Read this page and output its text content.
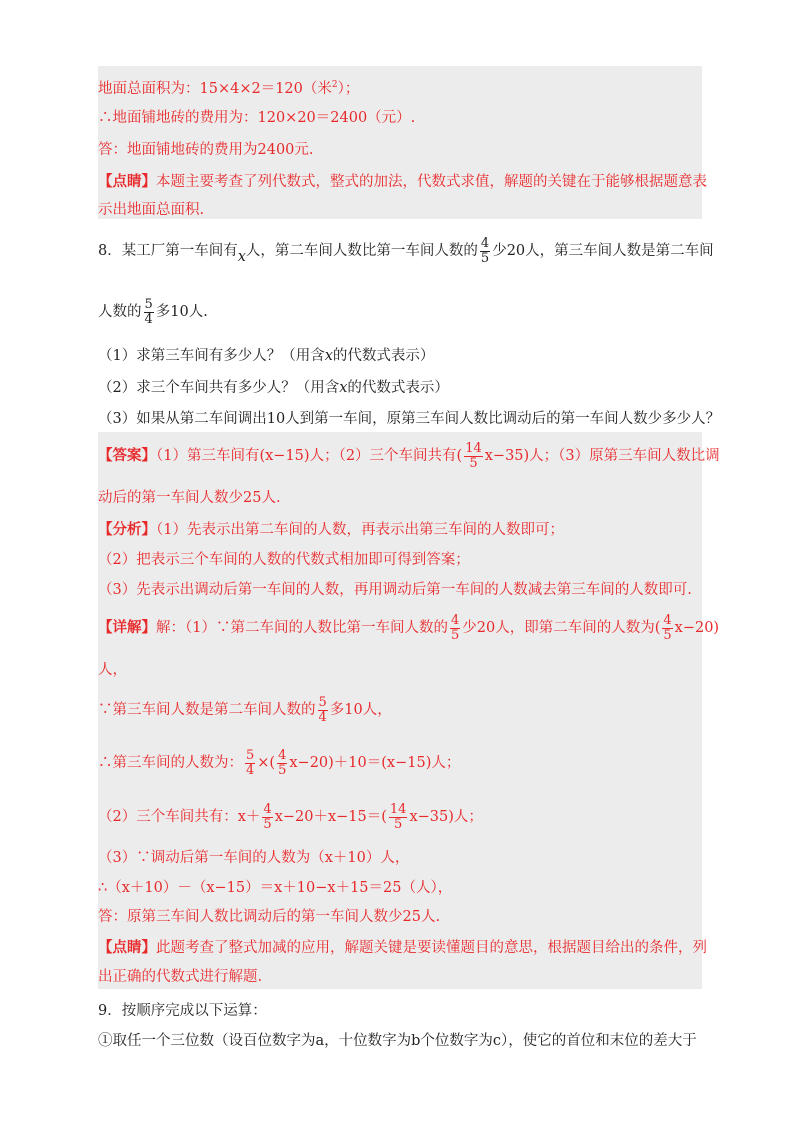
地面总面积为：15×4×2＝120（米$^2$）；
∴地面铺地砖的费用为：120×20＝2400（元）.
答：地面铺地砖的费用为2400元.
【点睛】本题主要考查了列代数式，整式的加法，代数式求值，解题的关键在于能够根据题意表
示出地面总面积.
8．某工厂第一车间有x人，第二车间人数比第一车间人数的 $\frac{4}{5}$ 少20人，第三车间人数是第二车间
人数的 $\frac{5}{4}$ 多10人.
（1）求第三车间有多少人？（用含x的代数式表示）
（2）求三个车间共有多少人？（用含x的代数式表示）
（3）如果从第二车间调出10人到第一车间，原第三车间人数比调动后的第一车间人数少多少人？
【答案】（1）第三车间有(x−15)人；（2）三个车间共有( $\frac{14}{5} x-35$)人；（3）原第三车间人数比调
动后的第一车间人数少25人.
【分析】（1）先表示出第二车间的人数，再表示出第三车间的人数即可；
（2）把表示三个车间的人数的代数式相加即可得到答案；
（3）先表示出调动后第一车间的人数，再用调动后第一车间的人数减去第三车间的人数即可.
【详解】解：（1）∵第二车间的人数比第一车间人数的 $\frac{4}{5}$ 少20人，即第二车间的人数为( $\frac{4}{5} x-20$)
人，
∵第三车间人数是第二车间人数的 $\frac{5}{4}$ 多10人，
∴第三车间的人数为： $\frac{5}{4}$ ×( $\frac{4}{5} x-20)+10=(x-15)$人；
（2）三个车间共有：$x+ \frac{4}{5} x-20+x-15=( \frac{14}{5} x-35)$人；
（3）∵调动后第一车间的人数为（x＋10）人，
∴（x＋10）－（x−15）＝x＋10−x＋15＝25（人），
答：原第三车间人数比调动后的第一车间人数少25人.
【点睛】此题考查了整式加减的应用，解题关键是要读懂题目的意思，根据题目给出的条件，列
出正确的代数式进行解题.
9．按顺序完成以下运算：
①取任一个三位数（设百位数字为a，十位数字为b个位数字为c），使它的首位和末位的差大于
